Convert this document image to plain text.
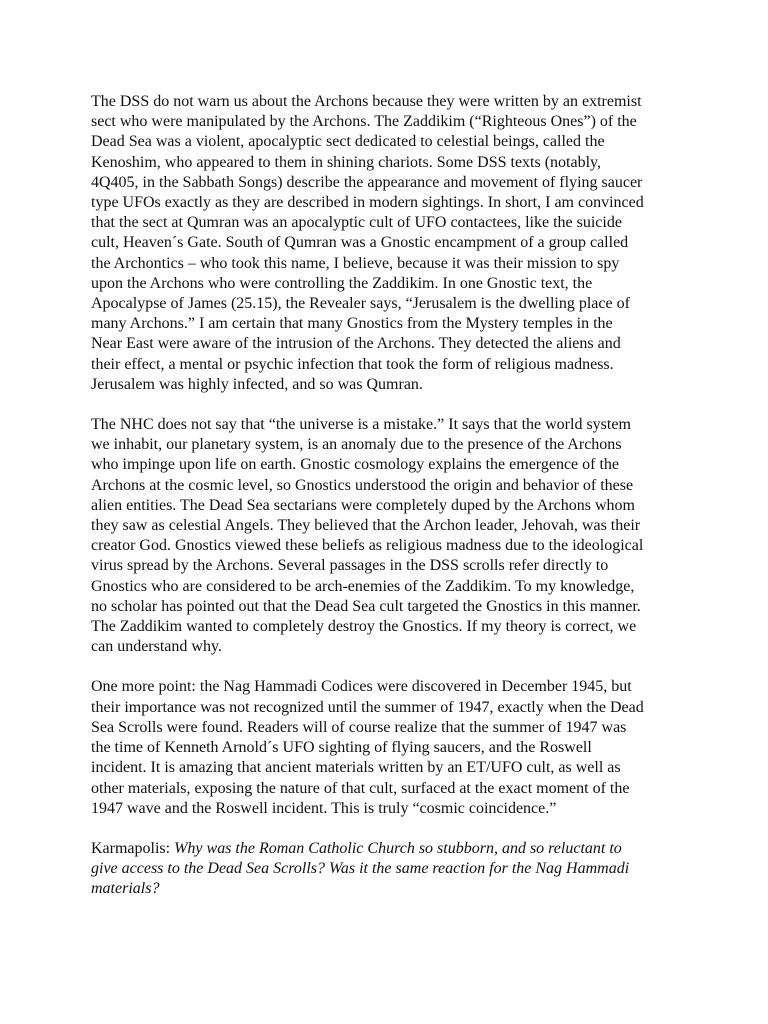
The DSS do not warn us about the Archons because they were written by an extremist
sect who were manipulated by the Archons. The Zaddikim (“Righteous Ones”) of the
Dead Sea was a violent, apocalyptic sect dedicated to celestial beings, called the
Kenoshim, who appeared to them in shining chariots. Some DSS texts (notably,
4Q405, in the Sabbath Songs) describe the appearance and movement of flying saucer
type UFOs exactly as they are described in modern sightings. In short, I am convinced
that the sect at Qumran was an apocalyptic cult of UFO contactees, like the suicide
cult, Heaven´s Gate. South of Qumran was a Gnostic encampment of a group called
the Archontics – who took this name, I believe, because it was their mission to spy
upon the Archons who were controlling the Zaddikim. In one Gnostic text, the
Apocalypse of James (25.15), the Revealer says, “Jerusalem is the dwelling place of
many Archons.” I am certain that many Gnostics from the Mystery temples in the
Near East were aware of the intrusion of the Archons. They detected the aliens and
their effect, a mental or psychic infection that took the form of religious madness.
Jerusalem was highly infected, and so was Qumran.

The NHC does not say that “the universe is a mistake.” It says that the world system
we inhabit, our planetary system, is an anomaly due to the presence of the Archons
who impinge upon life on earth. Gnostic cosmology explains the emergence of the
Archons at the cosmic level, so Gnostics understood the origin and behavior of these
alien entities. The Dead Sea sectarians were completely duped by the Archons whom
they saw as celestial Angels. They believed that the Archon leader, Jehovah, was their
creator God. Gnostics viewed these beliefs as religious madness due to the ideological
virus spread by the Archons. Several passages in the DSS scrolls refer directly to
Gnostics who are considered to be arch-enemies of the Zaddikim. To my knowledge,
no scholar has pointed out that the Dead Sea cult targeted the Gnostics in this manner.
The Zaddikim wanted to completely destroy the Gnostics. If my theory is correct, we
can understand why.

One more point: the Nag Hammadi Codices were discovered in December 1945, but
their importance was not recognized until the summer of 1947, exactly when the Dead
Sea Scrolls were found. Readers will of course realize that the summer of 1947 was
the time of Kenneth Arnold´s UFO sighting of flying saucers, and the Roswell
incident. It is amazing that ancient materials written by an ET/UFO cult, as well as
other materials, exposing the nature of that cult, surfaced at the exact moment of the
1947 wave and the Roswell incident. This is truly “cosmic coincidence.”

Karmapolis: Why was the Roman Catholic Church so stubborn, and so reluctant to
give access to the Dead Sea Scrolls? Was it the same reaction for the Nag Hammadi
materials?
